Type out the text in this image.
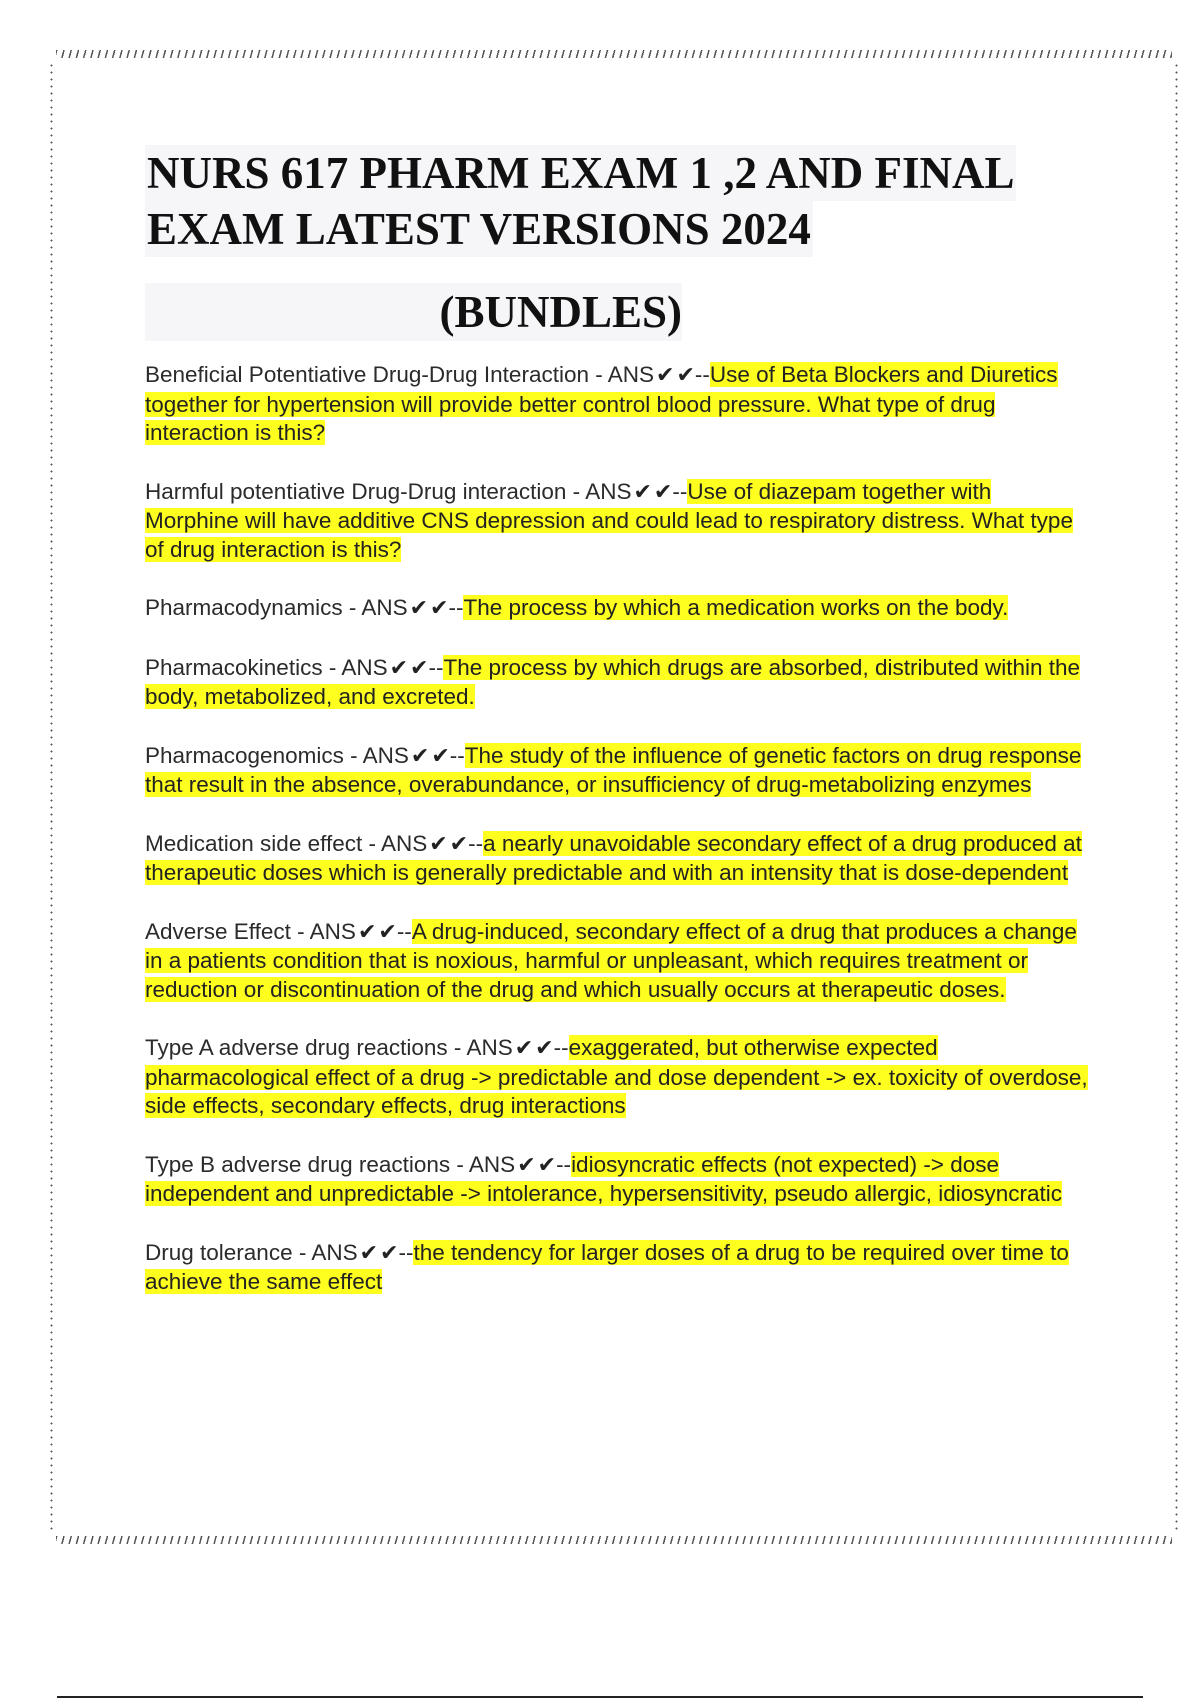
NURS 617 PHARM EXAM 1 ,2 AND FINAL
EXAM LATEST VERSIONS 2024
(BUNDLES)
Beneficial Potentiative Drug-Drug Interaction - ANS✔✔--Use of Beta Blockers and Diuretics together for hypertension will provide better control blood pressure. What type of drug interaction is this?
Harmful potentiative Drug-Drug interaction - ANS✔✔--Use of diazepam together with Morphine will have additive CNS depression and could lead to respiratory distress. What type of drug interaction is this?
Pharmacodynamics - ANS✔✔--The process by which a medication works on the body.
Pharmacokinetics - ANS✔✔--The process by which drugs are absorbed, distributed within the body, metabolized, and excreted.
Pharmacogenomics - ANS✔✔--The study of the influence of genetic factors on drug response that result in the absence, overabundance, or insufficiency of drug-metabolizing enzymes
Medication side effect - ANS✔✔--a nearly unavoidable secondary effect of a drug produced at therapeutic doses which is generally predictable and with an intensity that is dose-dependent
Adverse Effect - ANS✔✔--A drug-induced, secondary effect of a drug that produces a change in a patients condition that is noxious, harmful or unpleasant, which requires treatment or reduction or discontinuation of the drug and which usually occurs at therapeutic doses.
Type A adverse drug reactions - ANS✔✔--exaggerated, but otherwise expected pharmacological effect of a drug -> predictable and dose dependent -> ex. toxicity of overdose, side effects, secondary effects, drug interactions
Type B adverse drug reactions - ANS✔✔--idiosyncratic effects (not expected) -> dose independent and unpredictable -> intolerance, hypersensitivity, pseudo allergic, idiosyncratic
Drug tolerance - ANS✔✔--the tendency for larger doses of a drug to be required over time to achieve the same effect
